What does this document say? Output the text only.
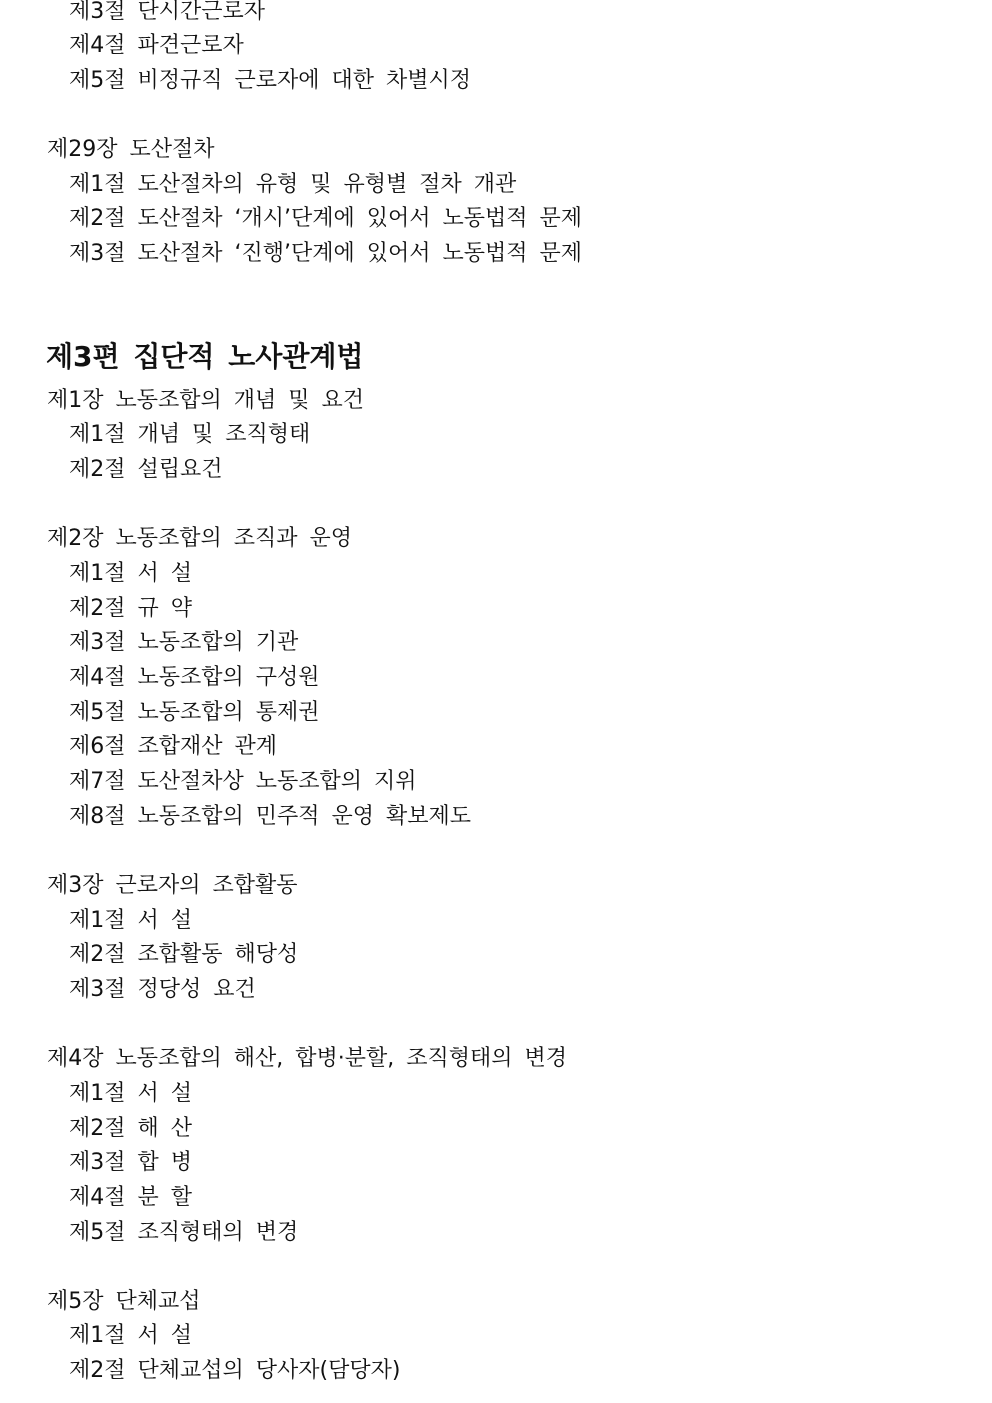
제3절 단시간근로자
제4절 파견근로자
제5절 비정규직 근로자에 대한 차별시정
제29장 도산절차
제1절 도산절차의 유형 및 유형별 절차 개관
제2절 도산절차 ‘개시’단계에 있어서 노동법적 문제
제3절 도산절차 ‘진행’단계에 있어서 노동법적 문제
제3편 집단적 노사관계법
제1장 노동조합의 개념 및 요건
제1절 개념 및 조직형태
제2절 설립요건
제2장 노동조합의 조직과 운영
제1절 서 설
제2절 규 약
제3절 노동조합의 기관
제4절 노동조합의 구성원
제5절 노동조합의 통제권
제6절 조합재산 관계
제7절 도산절차상 노동조합의 지위
제8절 노동조합의 민주적 운영 확보제도
제3장 근로자의 조합활동
제1절 서 설
제2절 조합활동 해당성
제3절 정당성 요건
제4장 노동조합의 해산, 합병·분할, 조직형태의 변경
제1절 서 설
제2절 해 산
제3절 합 병
제4절 분 할
제5절 조직형태의 변경
제5장 단체교섭
제1절 서 설
제2절 단체교섭의 당사자(담당자)
